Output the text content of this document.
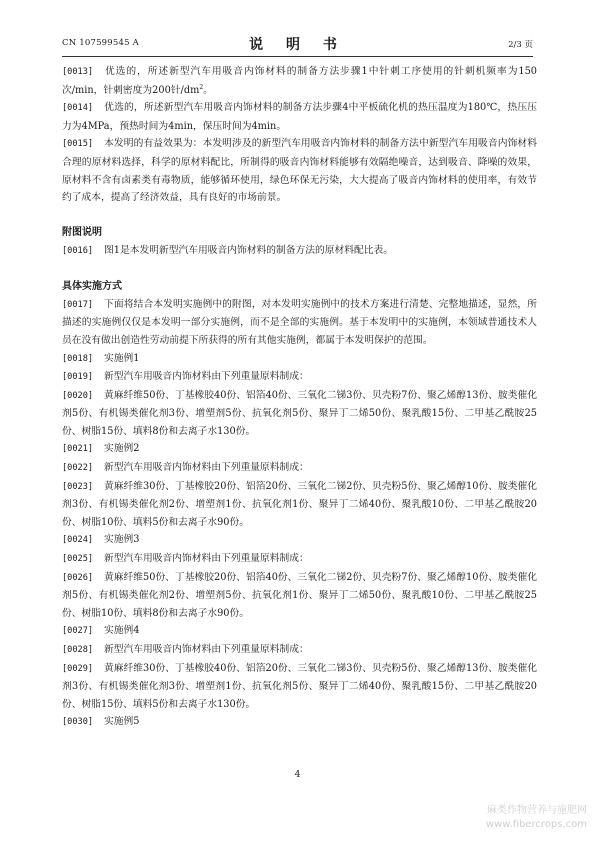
CN 107599545 A	说 明 书	2/3 页

[0013] 优选的，所述新型汽车用吸音内饰材料的制备方法步骤1中针刺工序使用的针刺机频率为150次/min，针刺密度为200针$/dm^2$。

[0014] 优选的，所述新型汽车用吸音内饰材料的制备方法步骤4中平板硫化机的热压温度为180℃，热压压力为4MPa，预热时间为4min，保压时间为4min。

[0015] 本发明的有益效果为：本发明涉及的新型汽车用吸音内饰材料的制备方法中新型汽车用吸音内饰材料合理的原材料选择，科学的原材料配比，所制得的吸音内饰材料能够有效隔绝噪音，达到吸音、降噪的效果，原材料不含有卤素类有毒物质，能够循环使用，绿色环保无污染，大大提高了吸音内饰材料的使用率，有效节约了成本，提高了经济效益，具有良好的市场前景。

附图说明

[0016] 图1是本发明新型汽车用吸音内饰材料的制备方法的原材料配比表。

具体实施方式

[0017] 下面将结合本发明实施例中的附图，对本发明实施例中的技术方案进行清楚、完整地描述，显然，所描述的实施例仅仅是本发明一部分实施例，而不是全部的实施例。基于本发明中的实施例，本领域普通技术人员在没有做出创造性劳动前提下所获得的所有其他实施例，都属于本发明保护的范围。

[0018] 实施例1

[0019] 新型汽车用吸音内饰材料由下列重量原料制成：

[0020] 黄麻纤维50份、丁基橡胶40份、铝箔40份、三氧化二锑3份、贝壳粉7份、聚乙烯醇13份、胺类催化剂5份、有机锡类催化剂3份、增塑剂5份、抗氧化剂5份、聚异丁二烯50份、聚乳酸15份、二甲基乙酰胺25份、树脂15份、填料8份和去离子水130份。

[0021] 实施例2

[0022] 新型汽车用吸音内饰材料由下列重量原料制成：

[0023] 黄麻纤维30份、丁基橡胶20份、铝箔20份、三氧化二锑2份、贝壳粉5份、聚乙烯醇10份、胺类催化剂3份、有机锡类催化剂2份、增塑剂1份、抗氧化剂1份、聚异丁二烯40份、聚乳酸10份、二甲基乙酰胺20份、树脂10份、填料5份和去离子水90份。

[0024] 实施例3

[0025] 新型汽车用吸音内饰材料由下列重量原料制成：

[0026] 黄麻纤维50份、丁基橡胶20份、铝箔40份、三氧化二锑2份、贝壳粉7份、聚乙烯醇10份、胺类催化剂5份、有机锡类催化剂2份、增塑剂5份、抗氧化剂1份、聚异丁二烯50份、聚乳酸10份、二甲基乙酰胺25份、树脂10份、填料8份和去离子水90份。

[0027] 实施例4

[0028] 新型汽车用吸音内饰材料由下列重量原料制成：

[0029] 黄麻纤维30份、丁基橡胶40份、铝箔20份、三氧化二锑3份、贝壳粉5份、聚乙烯醇13份、胺类催化剂3份、有机锡类催化剂3份、增塑剂1份、抗氧化剂5份、聚异丁二烯40份、聚乳酸15份、二甲基乙酰胺20份、树脂15份、填料5份和去离子水130份。

[0030] 实施例5

4
麻类作物营养与施肥网
www.fibercrops.com
